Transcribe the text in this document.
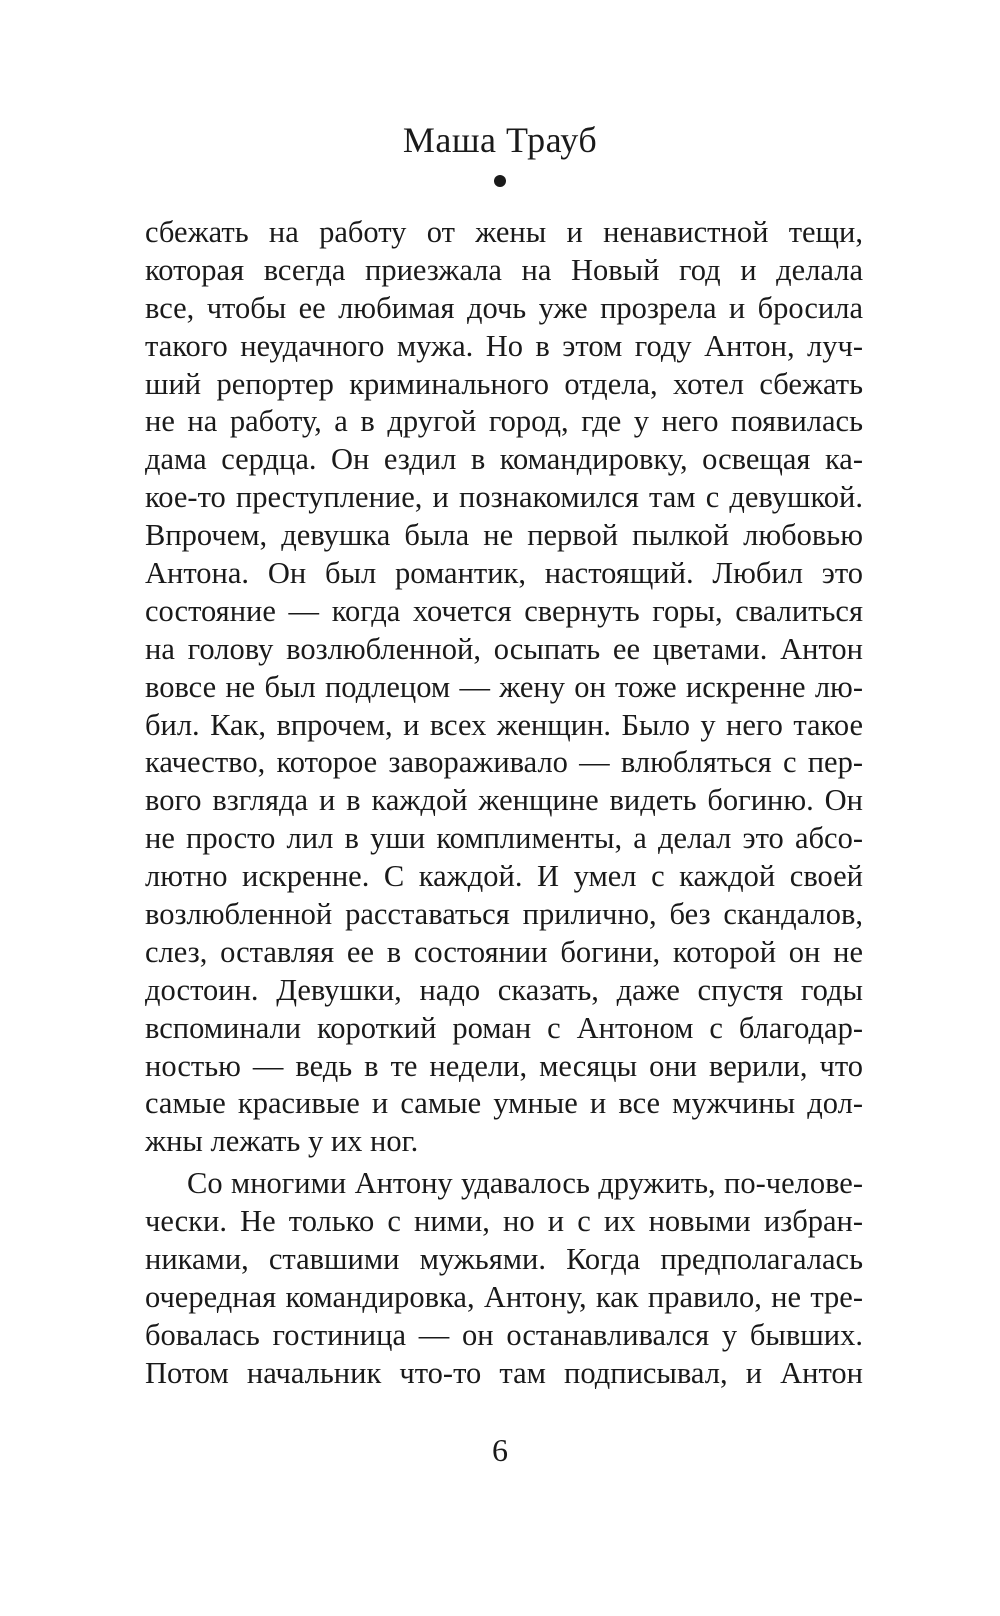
Маша Трауб
сбежать на работу от жены и ненавистной тещи,
которая всегда приезжала на Новый год и делала
все, чтобы ее любимая дочь уже прозрела и бросила
такого неудачного мужа. Но в этом году Антон, луч-
ший репортер криминального отдела, хотел сбежать
не на работу, а в другой город, где у него появилась
дама сердца. Он ездил в командировку, освещая ка-
кое-то преступление, и познакомился там с девушкой.
Впрочем, девушка была не первой пылкой любовью
Антона. Он был романтик, настоящий. Любил это
состояние — когда хочется свернуть горы, свалиться
на голову возлюбленной, осыпать ее цветами. Антон
вовсе не был подлецом — жену он тоже искренне лю-
бил. Как, впрочем, и всех женщин. Было у него такое
качество, которое завораживало — влюбляться с пер-
вого взгляда и в каждой женщине видеть богиню. Он
не просто лил в уши комплименты, а делал это абсо-
лютно искренне. С каждой. И умел с каждой своей
возлюбленной расставаться прилично, без скандалов,
слез, оставляя ее в состоянии богини, которой он не
достоин. Девушки, надо сказать, даже спустя годы
вспоминали короткий роман с Антоном с благодар-
ностью — ведь в те недели, месяцы они верили, что
самые красивые и самые умные и все мужчины дол-
жны лежать у их ног.
Со многими Антону удавалось дружить, по-челове-
чески. Не только с ними, но и с их новыми избран-
никами, ставшими мужьями. Когда предполагалась
очередная командировка, Антону, как правило, не тре-
бовалась гостиница — он останавливался у бывших.
Потом начальник что-то там подписывал, и Антон
6
